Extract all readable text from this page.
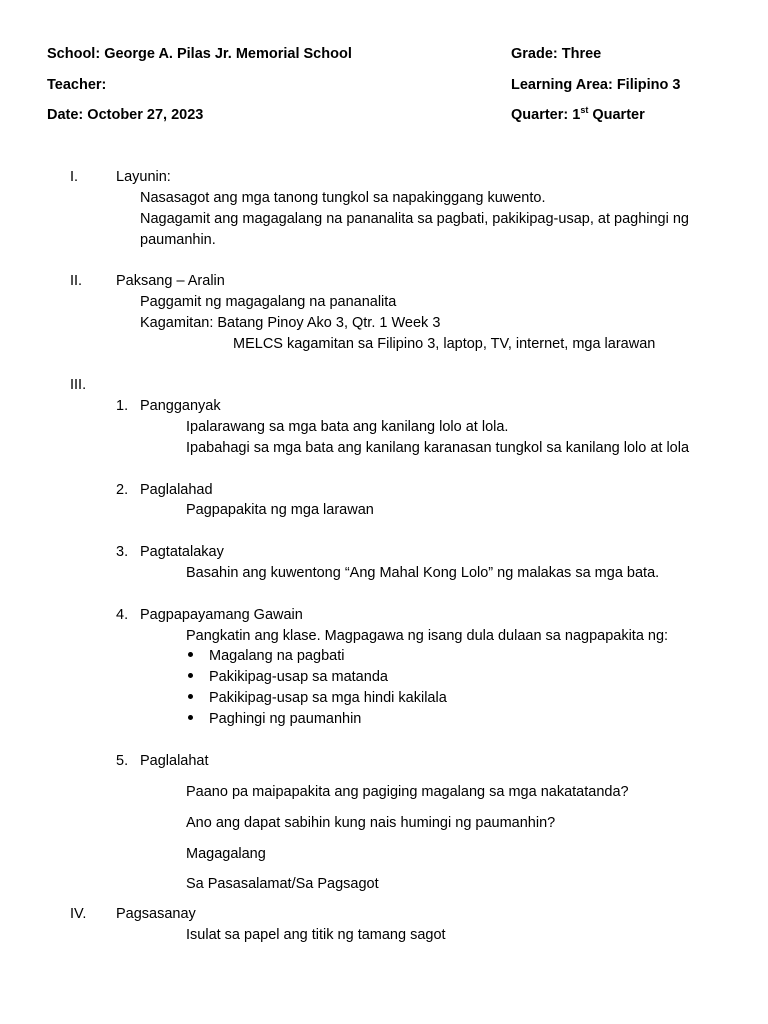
School: George A. Pilas Jr. Memorial School
Teacher:
Date: October 27, 2023
Grade: Three
Learning Area: Filipino 3
Quarter: 1st Quarter
I.	Layunin:
Nasasagot ang mga tanong tungkol sa napakinggang kuwento.
Nagagamit ang magagalang na pananalita sa pagbati, pakikipag-usap, at paghingi ng
paumanhin.
II. Paksang – Aralin
Paggamit ng magagalang na pananalita
Kagamitan: Batang Pinoy Ako 3, Qtr. 1 Week 3
MELCS kagamitan sa Filipino 3, laptop, TV, internet, mga larawan
III.
1. Pangganyak
Ipalarawang sa mga bata ang kanilang lolo at lola.
Ipabahagi sa mga bata ang kanilang karanasan tungkol sa kanilang lolo at lola
2. Paglalahad
Pagpapakita ng mga larawan
3. Pagtatalakay
Basahin ang kuwentong “Ang Mahal Kong Lolo” ng malakas sa mga bata.
4. Pagpapayamang Gawain
Pangkatin ang klase. Magpagawa ng isang dula dulaan sa nagpapakita ng:
Magalang na pagbati
Pakikipag-usap sa matanda
Pakikipag-usap sa mga hindi kakilala
Paghingi ng paumanhin
5. Paglalahat
Paano pa maipapakita ang pagiging magalang sa mga nakatatanda?
Ano ang dapat sabihin kung nais humingi ng paumanhin?
Magagalang
Sa Pasasalamat/Sa Pagsagot
IV. Pagsasanay
Isulat sa papel ang titik ng tamang sagot
